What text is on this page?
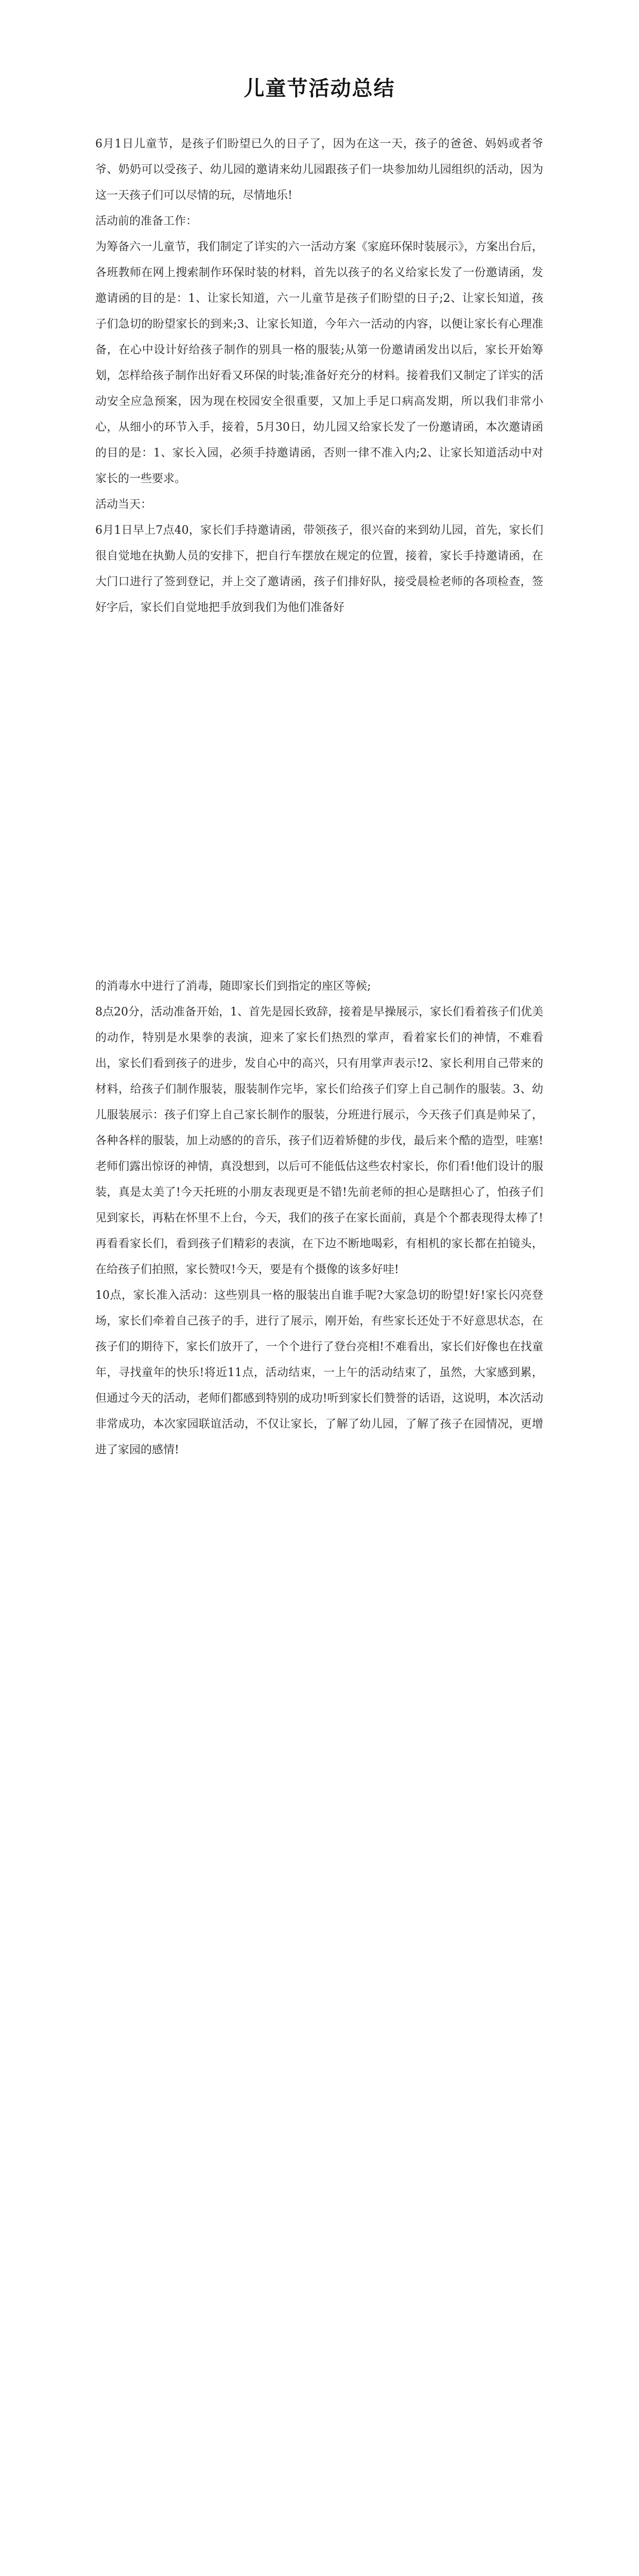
儿童节活动总结

6月1日儿童节，是孩子们盼望已久的日子了，因为在这一天，孩子的爸爸、妈妈或者爷爷、奶奶可以受孩子、幼儿园的邀请来幼儿园跟孩子们一块参加幼儿园组织的活动，因为这一天孩子们可以尽情的玩，尽情地乐!

活动前的准备工作：

为筹备六一儿童节，我们制定了详实的六一活动方案《家庭环保时装展示》，方案出台后，各班教师在网上搜索制作环保时装的材料，首先以孩子的名义给家长发了一份邀请函，发邀请函的目的是：1、让家长知道，六一儿童节是孩子们盼望的日子;2、让家长知道，孩子们急切的盼望家长的到来;3、让家长知道，今年六一活动的内容，以便让家长有心理准备，在心中设计好给孩子制作的别具一格的服装;从第一份邀请函发出以后，家长开始筹划，怎样给孩子制作出好看又环保的时装;准备好充分的材料。接着我们又制定了详实的活动安全应急预案，因为现在校园安全很重要，又加上手足口病高发期，所以我们非常小心，从细小的环节入手，接着，5月30日，幼儿园又给家长发了一份邀请函，本次邀请函的目的是：1、家长入园，必须手持邀请函，否则一律不准入内;2、让家长知道活动中对家长的一些要求。

活动当天：

6月1日早上7点40，家长们手持邀请函，带领孩子，很兴奋的来到幼儿园，首先，家长们很自觉地在执勤人员的安排下，把自行车摆放在规定的位置，接着，家长手持邀请函，在大门口进行了签到登记，并上交了邀请函，孩子们排好队，接受晨检老师的各项检查，签好字后，家长们自觉地把手放到我们为他们准备好

的消毒水中进行了消毒，随即家长们到指定的座区等候;

8点20分，活动准备开始，1、首先是园长致辞，接着是早操展示，家长们看着孩子们优美的动作，特别是水果拳的表演，迎来了家长们热烈的掌声，看着家长们的神情，不难看出，家长们看到孩子的进步，发自心中的高兴，只有用掌声表示!2、家长利用自己带来的材料，给孩子们制作服装，服装制作完毕，家长们给孩子们穿上自己制作的服装。3、幼儿服装展示：孩子们穿上自己家长制作的服装，分班进行展示，今天孩子们真是帅呆了，各种各样的服装，加上动感的的音乐，孩子们迈着矫健的步伐，最后来个酷的造型，哇塞!老师们露出惊讶的神情，真没想到，以后可不能低估这些农村家长，你们看!他们设计的服装，真是太美了!今天托班的小朋友表现更是不错!先前老师的担心是瞎担心了，怕孩子们见到家长，再粘在怀里不上台，今天，我们的孩子在家长面前，真是个个都表现得太棒了!再看看家长们，看到孩子们精彩的表演，在下边不断地喝彩，有相机的家长都在拍镜头，在给孩子们拍照，家长赞叹!今天，要是有个摄像的该多好哇!

10点，家长准入活动：这些别具一格的服装出自谁手呢?大家急切的盼望!好!家长闪亮登场，家长们牵着自己孩子的手，进行了展示，刚开始，有些家长还处于不好意思状态，在孩子们的期待下，家长们放开了，一个个进行了登台亮相!不难看出，家长们好像也在找童年，寻找童年的快乐!将近11点，活动结束，一上午的活动结束了，虽然，大家感到累，但通过今天的活动，老师们都感到特别的成功!听到家长们赞誉的话语，这说明，本次活动非常成功，本次家园联谊活动，不仅让家长，了解了幼儿园，了解了孩子在园情况，更增进了家园的感情!
